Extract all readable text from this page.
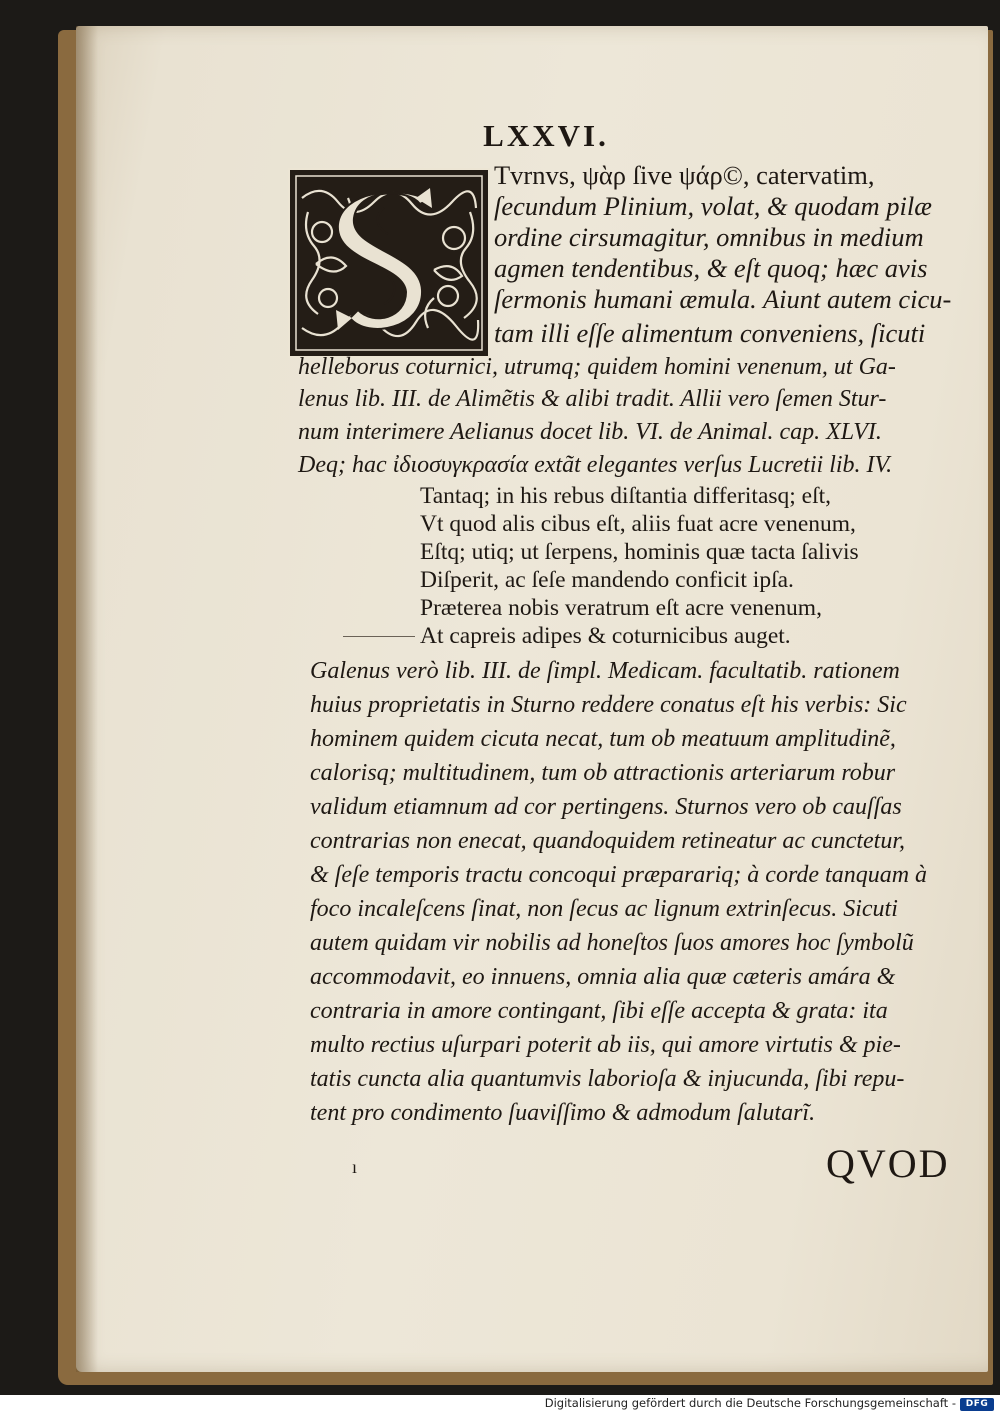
LXXVI.
Tvrnvs, ψὰρ ſive ψάρ©, catervatim,
ſecundum Plinium, volat, & quodam pilæ
ordine cirsumagitur, omnibus in medium
agmen tendentibus, & eſt quoq; hæc avis
ſermonis humani æmula. Aiunt autem cicu-
tam illi eſſe alimentum conveniens, ſicuti
helleborus coturnici, utrumq; quidem homini venenum, ut Ga-
lenus lib. III. de Alimẽtis & alibi tradit. Allii vero ſemen Stur-
num interimere Aelianus docet lib. VI. de Animal. cap. XLVI.
Deq; hac ἰδιοσυγκρασία extãt elegantes verſus Lucretii lib. IV.
Tantaq; in his rebus diſtantia differitasq; eſt,
Vt quod alis cibus eſt, aliis fuat acre venenum,
Eſtq; utiq; ut ſerpens, hominis quæ tacta ſalivis
Diſperit, ac ſeſe mandendo conficit ipſa.
Præterea nobis veratrum eſt acre venenum,
At capreis adipes & coturnicibus auget.
Galenus verò lib. III. de ſimpl. Medicam. facultatib. rationem
huius proprietatis in Sturno reddere conatus eſt his verbis: Sic
hominem quidem cicuta necat, tum ob meatuum amplitudinẽ,
calorisq; multitudinem, tum ob attractionis arteriarum robur
validum etiamnum ad cor pertingens. Sturnos vero ob cauſſas
contrarias non enecat, quandoquidem retineatur ac cunctetur,
& ſeſe temporis tractu concoqui præparariq; à corde tanquam à
foco incaleſcens ſinat, non ſecus ac lignum extrinſecus. Sicuti
autem quidam vir nobilis ad honeſtos ſuos amores hoc ſymbolũ
accommodavit, eo innuens, omnia alia quæ cæteris amára &
contraria in amore contingant, ſibi eſſe accepta & grata: ita
multo rectius uſurpari poterit ab iis, qui amore virtutis & pie-
tatis cuncta alia quantumvis laborioſa & injucunda, ſibi repu-
tent pro condimento ſuaviſſimo & admodum ſalutarĩ.
QVOD
ı
Digitalisierung gefördert durch die Deutsche Forschungsgemeinschaft -	DFG
